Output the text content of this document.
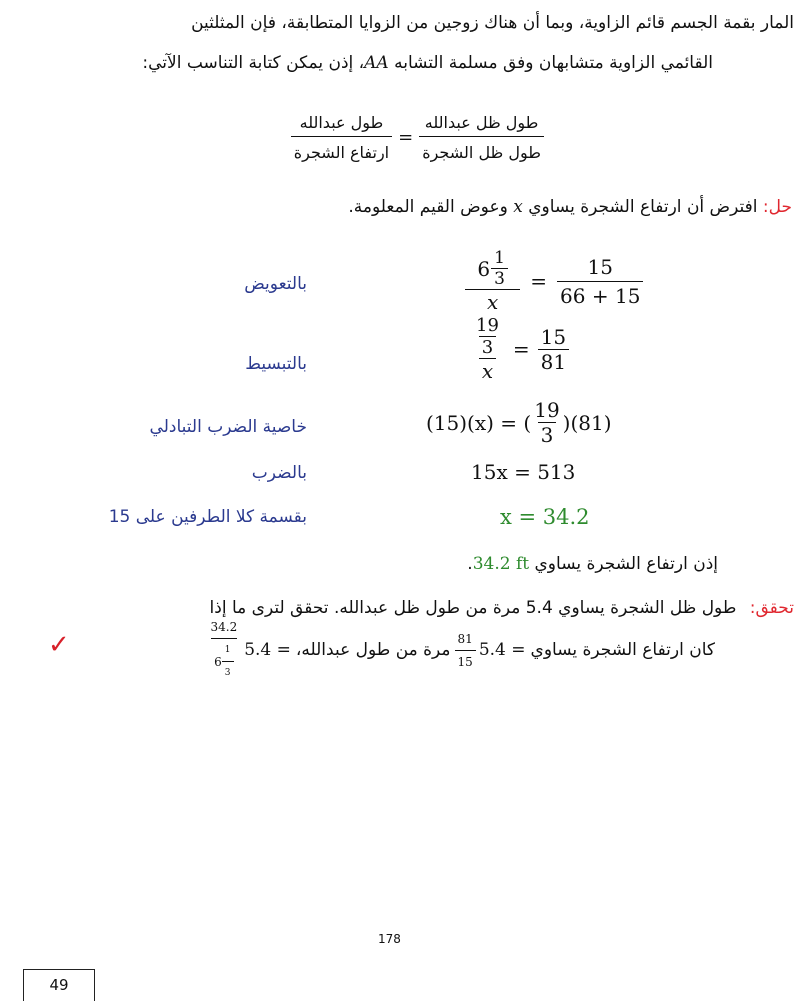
المار بقمة الجسم قائم الزاوية، وبما أن هناك زوجين من الزوايا المتطابقة، فإن المثلثين
القائمي الزاوية متشابهان وفق مسلمة التشابه AA، إذن يمكن كتابة التناسب الآتي:
$\frac{\text{طول ظل عبدالله}}{\text{طول ظل الشجرة}}$
=
$\frac{\text{طول عبدالله}}{\text{ارتفاع الشجرة}}$
حل: افترض أن ارتفاع الشجرة يساوي x وعوض القيم المعلومة.
بالتعويض
بالتبسيط
خاصية الضرب التبادلي
بالضرب
بقسمة كلا الطرفين على 15
$\frac{6 \frac{1}{3}}{x} = \frac{15}{66 + 15}$
$\frac{\frac{19}{3}}{x} = \frac{15}{81}$
(15)(x) = ( $\frac{19}{3} )(81)$
15x = 513
x = 34.2
إذن ارتفاع الشجرة يساوي 34.2 ft.
تحقق: طول ظل الشجرة يساوي 5.4 مرة من طول ظل عبدالله. تحقق لترى ما إذا
كان ارتفاع الشجرة يساوي
5.4 =
$\frac{81}{15}$
مرة من طول عبدالله،
5.4 =
$\frac{34.2}{6 \frac{1}{3}}$
✓
178
49
